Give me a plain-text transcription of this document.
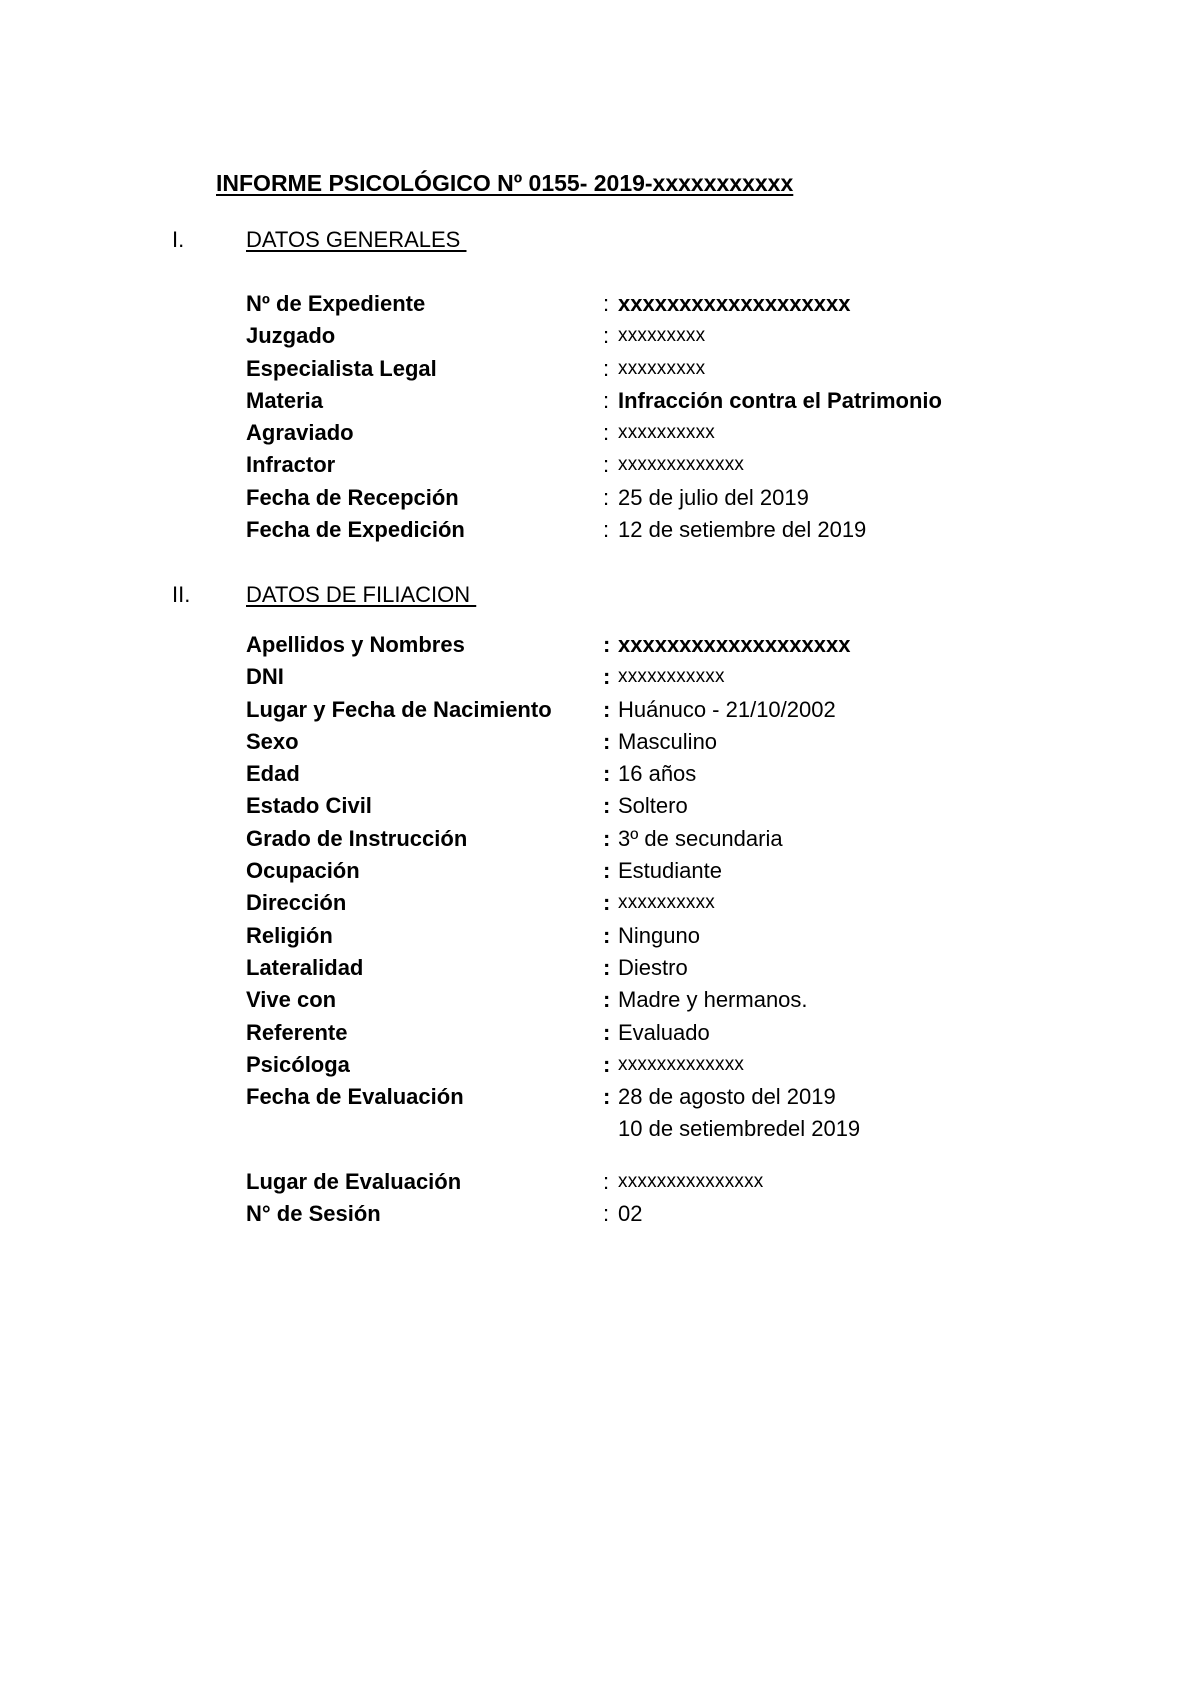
INFORME PSICOLÓGICO Nº 0155- 2019-xxxxxxxxxxx
I.	DATOS GENERALES
Nº de Expediente	: xxxxxxxxxxxxxxxxxxx
Juzgado	: xxxxxxxxx
Especialista Legal	: xxxxxxxxx
Materia	: Infracción contra el Patrimonio
Agraviado	: xxxxxxxxxx
Infractor	: xxxxxxxxxxxxx
Fecha de Recepción	: 25 de julio del 2019
Fecha de Expedición	: 12 de setiembre del 2019
II.	DATOS DE FILIACION
Apellidos y Nombres	: xxxxxxxxxxxxxxxxxxx
DNI	: xxxxxxxxxxx
Lugar y Fecha de Nacimiento : Huánuco - 21/10/2002
Sexo	: Masculino
Edad	: 16 años
Estado Civil	: Soltero
Grado de Instrucción	: 3º de secundaria
Ocupación	: Estudiante
Dirección	: xxxxxxxxxx
Religión	: Ninguno
Lateralidad	: Diestro
Vive con	: Madre y hermanos.
Referente	: Evaluado
Psicóloga	: xxxxxxxxxxxxx
Fecha de Evaluación	: 28 de agosto del 2019
10 de setiembredel 2019
Lugar de Evaluación	: xxxxxxxxxxxxxxx
N° de Sesión	: 02
